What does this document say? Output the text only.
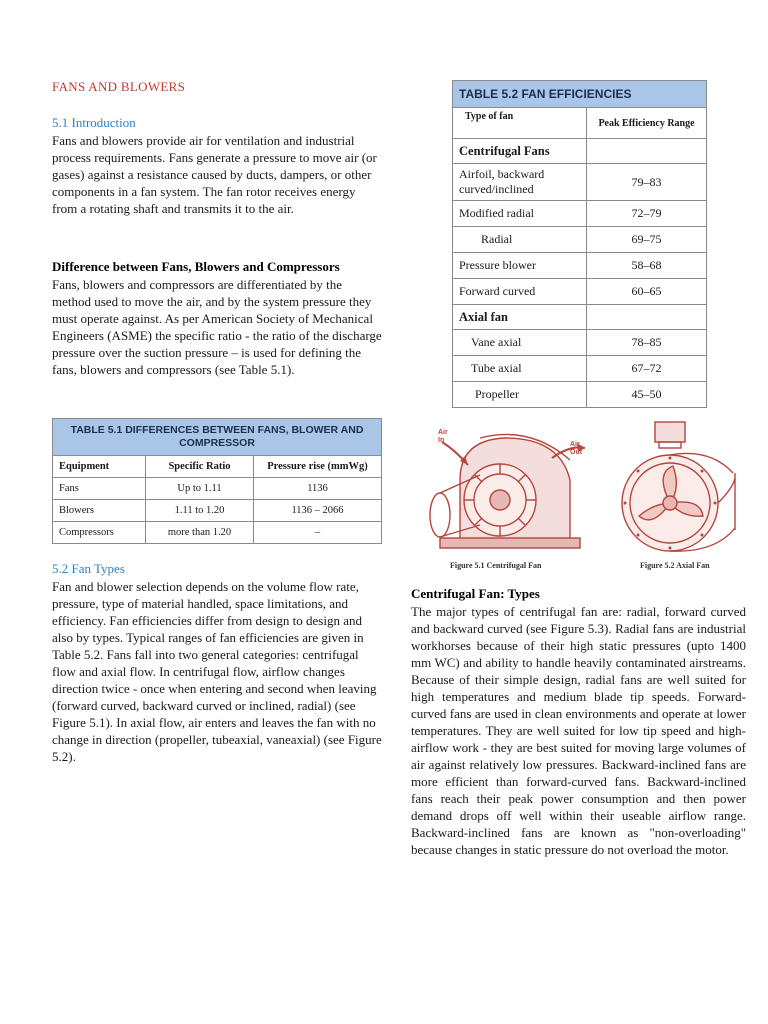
FANS AND BLOWERS
5.1 Introduction

Fans and blowers provide air for ventilation and industrial process requirements. Fans generate a pressure to move air (or gases) against a resistance caused by ducts, dampers, or other components in a fan system. The fan rotor receives energy from a rotating shaft and transmits it to the air.

Difference between Fans, Blowers and Compressors

Fans, blowers and compressors are differentiated by the method used to move the air, and by the system pressure they must operate against. As per American Society of Mechanical Engineers (ASME) the specific ratio - the ratio of the discharge pressure over the suction pressure – is used for defining the fans, blowers and compressors (see Table 5.1).

TABLE 5.1 DIFFERENCES BETWEEN FANS, BLOWER AND COMPRESSOR		
Equipment	Specific Ratio	Pressure rise (mmWg)
Fans	Up to 1.11	1136
Blowers	1.11 to 1.20	1136 – 2066
Compressors	more than 1.20	–
5.2 Fan Types

Fan and blower selection depends on the volume flow rate, pressure, type of material handled, space limitations, and efficiency. Fan efficiencies differ from design to design and also by types. Typical ranges of fan efficiencies are given in Table 5.2. Fans fall into two general categories: centrifugal flow and axial flow. In centrifugal flow, airflow changes direction twice - once when entering and second when leaving (forward curved, backward curved or inclined, radial) (see Figure 5.1). In axial flow, air enters and leaves the fan with no change in direction (propeller, tubeaxial, vaneaxial) (see Figure 5.2).

TABLE 5.2 FAN EFFICIENCIES	
Type of fan	Peak Efficiency Range
Centrifugal Fans	
Airfoil, backward curved/inclined	79–83
Modified radial	72–79
Radial	69–75
Pressure blower	58–68
Forward curved	60–65
Axial fan	
Vane axial	78–85
Tube axial	67–72
Propeller	45–50
Air In
Air Out
Figure 5.1 Centrifugal Fan	Figure 5.2 Axial Fan
Centrifugal Fan: Types

The major types of centrifugal fan are: radial, forward curved and backward curved (see Figure 5.3). Radial fans are industrial workhorses because of their high static pressures (upto 1400 mm WC) and ability to handle heavily contaminated airstreams. Because of their simple design, radial fans are well suited for high temperatures and medium blade tip speeds. Forward-curved fans are used in clean environments and operate at lower temperatures. They are well suited for low tip speed and high-airflow work - they are best suited for moving large volumes of air against relatively low pressures. Backward-inclined fans are more efficient than forward-curved fans. Backward-inclined fans reach their peak power consumption and then power demand drops off well within their useable airflow range. Backward-inclined fans are known as "non-overloading" because changes in static pressure do not overload the motor.
